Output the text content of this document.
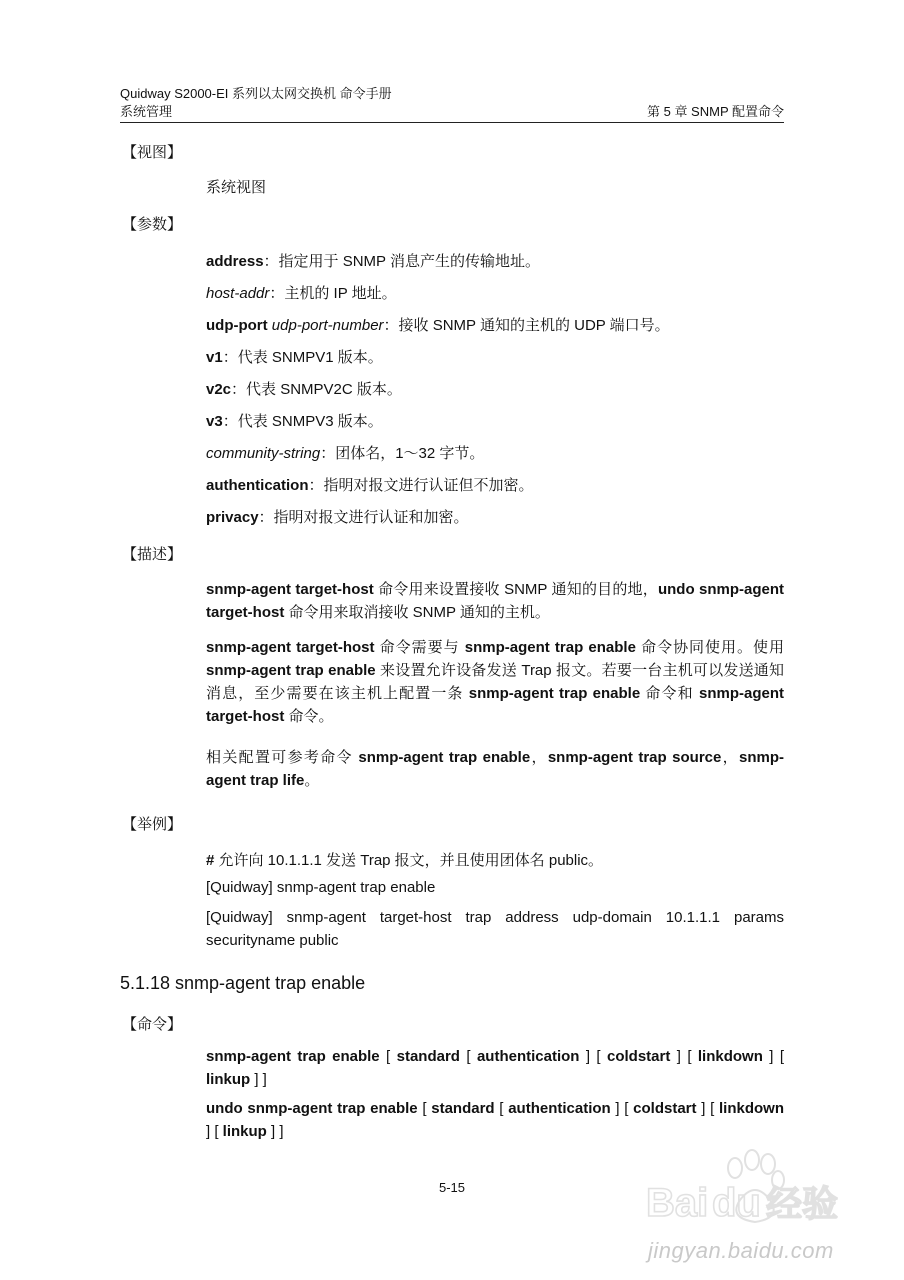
Quidway S2000-EI 系列以太网交换机 命令手册
系统管理	第 5 章 SNMP 配置命令
【视图】
系统视图
【参数】
address：指定用于 SNMP 消息产生的传输地址。
host-addr：主机的 IP 地址。
udp-port udp-port-number：接收 SNMP 通知的主机的 UDP 端口号。
v1：代表 SNMPV1 版本。
v2c：代表 SNMPV2C 版本。
v3：代表 SNMPV3 版本。
community-string：团体名，1～32 字节。
authentication：指明对报文进行认证但不加密。
privacy：指明对报文进行认证和加密。
【描述】
snmp-agent target-host 命令用来设置接收 SNMP 通知的目的地，undo snmp-agent target-host 命令用来取消接收 SNMP 通知的主机。
snmp-agent target-host 命令需要与 snmp-agent trap enable 命令协同使用。使用 snmp-agent trap enable 来设置允许设备发送 Trap 报文。若要一台主机可以发送通知消息，至少需要在该主机上配置一条 snmp-agent trap enable 命令和 snmp-agent target-host 命令。
相关配置可参考命令 snmp-agent trap enable，snmp-agent trap source，snmp-agent trap life。
【举例】
# 允许向 10.1.1.1 发送 Trap 报文，并且使用团体名 public。
[Quidway] snmp-agent trap enable
[Quidway] snmp-agent target-host trap address udp-domain 10.1.1.1 params securityname public
5.1.18 snmp-agent trap enable
【命令】
snmp-agent trap enable [ standard [ authentication ] [ coldstart ] [ linkdown ] [ linkup ] ]
undo snmp-agent trap enable [ standard [ authentication ] [ coldstart ] [ linkdown ] [ linkup ] ]
5-15	Bai du 经验
jingyan.baidu.com
